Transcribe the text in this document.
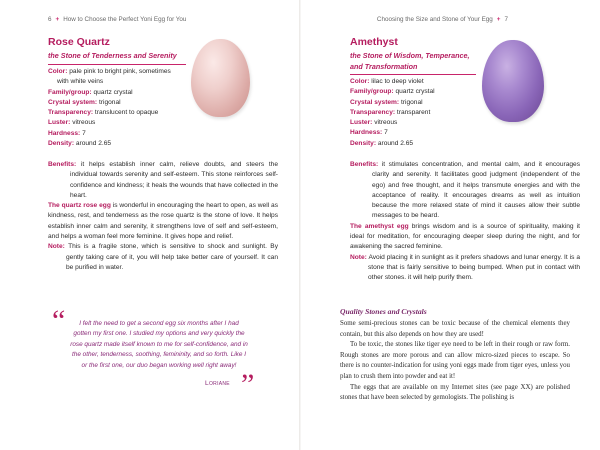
6 + How to Choose the Perfect Yoni Egg for You
Rose Quartz
the Stone of Tenderness and Serenity
Color: pale pink to bright pink, sometimes
with white veins
Family/group: quartz crystal
Crystal system: trigonal
Transparency: translucent to opaque
Luster: vitreous
Hardness: 7
Density: around 2.65
Benefits: it helps establish inner calm, relieve doubts, and steers the individual towards serenity and self-esteem. This stone reinforces self-confidence and kindness; it heals the wounds that have collected in the heart.
The quartz rose egg is wonderful in encouraging the heart to open, as well as kindness, rest, and tenderness as the rose quartz is the stone of love. It helps establish inner calm and serenity, it strengthens love of self and self-esteem, and helps a woman feel more feminine. It gives hope and relief.
Note: This is a fragile stone, which is sensitive to shock and sunlight. By gently taking care of it, you will help take better care of yourself. It can be purified in water.
“	I felt the need to get a second egg six months after I had gotten my first one. I studied my options and very quickly the rose quartz made itself known to me for self-confidence, and in the other, tenderness, soothing, femininity, and so forth. Like I or the first one, our duo began working well right away!
Loriane ”
Choosing the Size and Stone of Your Egg + 7
Amethyst
the Stone of Wisdom, Temperance,
and Transformation
Color: lilac to deep violet
Family/group: quartz crystal
Crystal system: trigonal
Transparency: transparent
Luster: vitreous
Hardness: 7
Density: around 2.65
Benefits: it stimulates concentration, and mental calm, and it encourages clarity and serenity. It facilitates good judgment (independent of the ego) and free thought, and it helps transmute energies and with the acceptance of reality. It encourages dreams as well as intuition because the more relaxed state of mind it causes allow their subtle messages to be heard.
The amethyst egg brings wisdom and is a source of spirituality, making it ideal for meditation, for encouraging deeper sleep during the night, and for awakening the sacred feminine.
Note: Avoid placing it in sunlight as it prefers shadows and lunar energy. It is a stone that is fairly sensitive to being bumped. When put in contact with other stones. it will help purify them.
Quality Stones and Crystals

Some semi-precious stones can be toxic because of the chemical elements they contain, but this also depends on how they are used!

To be toxic, the stones like tiger eye need to be left in their rough or raw form. Rough stones are more porous and can allow micro-sized pieces to escape. So there is no counter-indication for using yoni eggs made from tiger eyes, unless you plan to crush them into powder and eat it!

The eggs that are available on my Internet sites (see page XX) are polished stones that have been selected by gemologists. The polishing is
